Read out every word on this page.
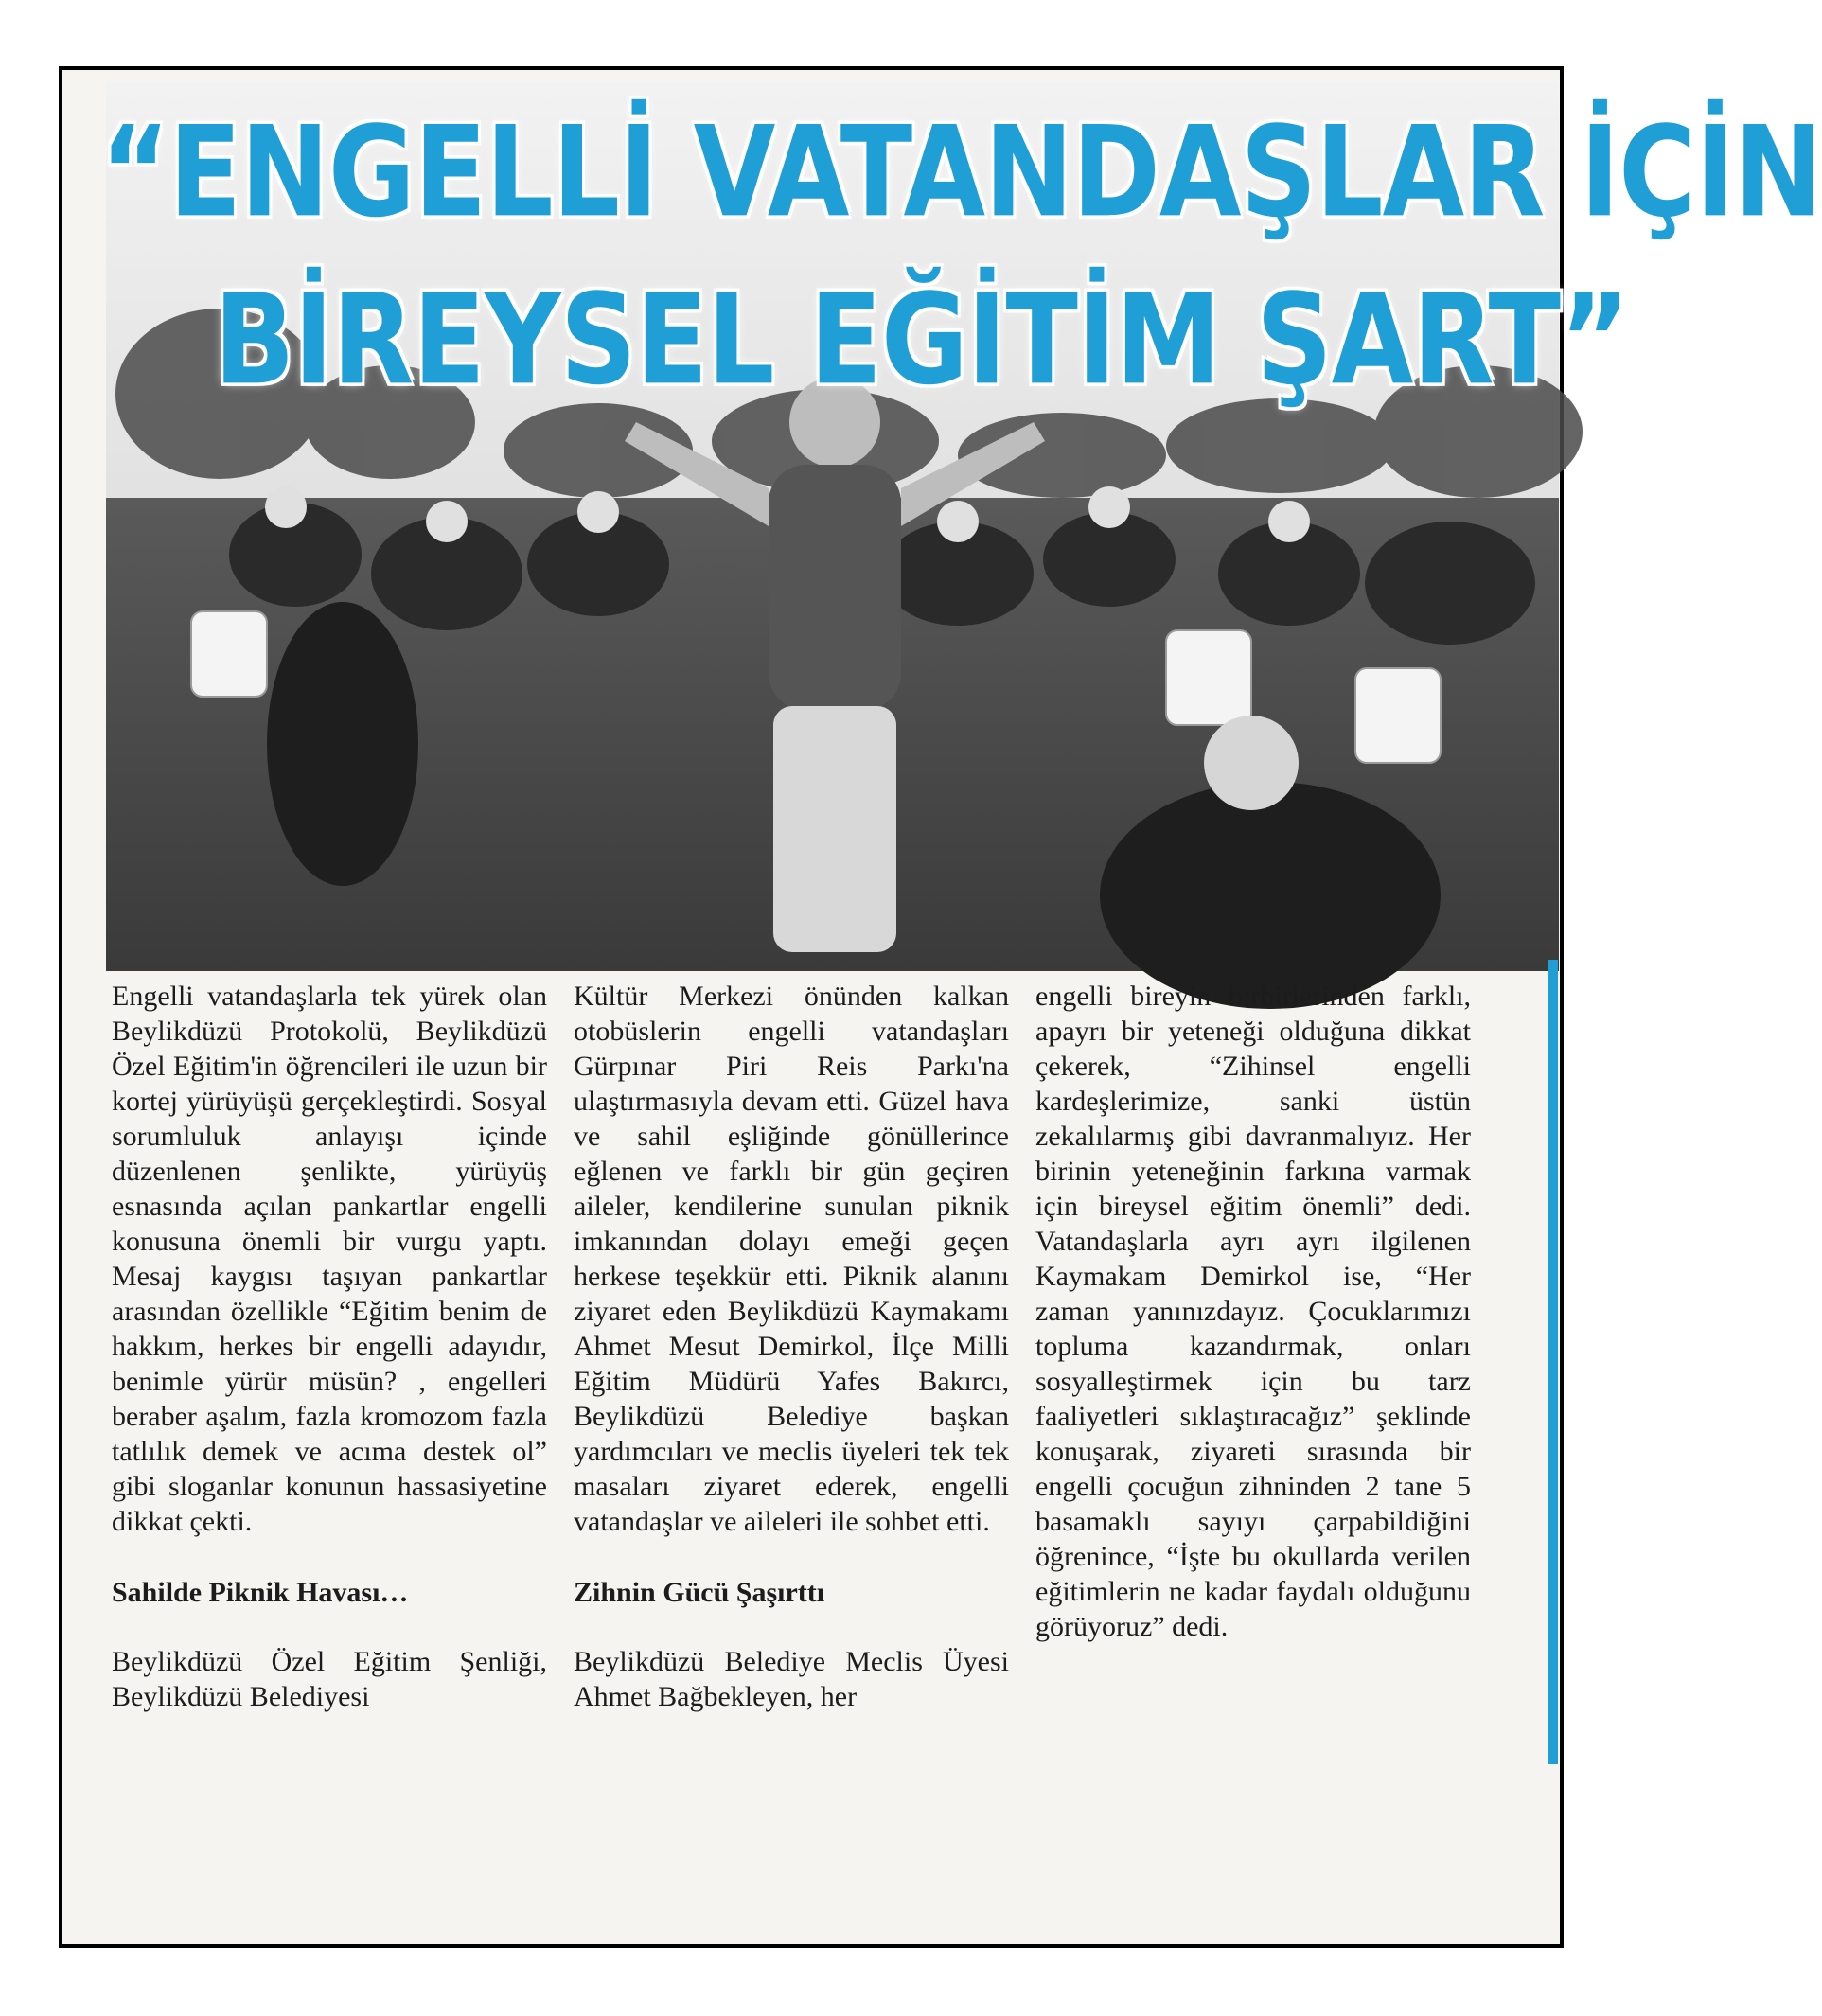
“ENGELLİ VATANDAŞLAR İÇİN
BİREYSEL EĞİTİM ŞART”

Engelli vatandaşlarla tek yürek olan Beylikdüzü Protokolü, Beylikdüzü Özel Eğitim'in öğrencileri ile uzun bir kortej yürüyüşü gerçekleştirdi. Sosyal sorumluluk anlayışı içinde düzenlenen şenlikte, yürüyüş esnasında açılan pankartlar engelli konusuna önemli bir vurgu yaptı. Mesaj kaygısı taşıyan pankartlar arasından özellikle “Eğitim benim de hakkım, herkes bir engelli adayıdır, benimle yürür müsün? , engelleri beraber aşalım, fazla kromozom fazla tatlılık demek ve acıma destek ol” gibi sloganlar konunun hassasiyetine dikkat çekti.

Sahilde Piknik Havası…

Beylikdüzü Özel Eğitim Şenliği, Beylikdüzü Belediyesi

Kültür Merkezi önünden kalkan otobüslerin engelli vatandaşları Gürpınar Piri Reis Parkı'na ulaştırmasıyla devam etti. Güzel hava ve sahil eşliğinde gönüllerince eğlenen ve farklı bir gün geçiren aileler, kendilerine sunulan piknik imkanından dolayı emeği geçen herkese teşekkür etti. Piknik alanını ziyaret eden Beylikdüzü Kaymakamı Ahmet Mesut Demirkol, İlçe Milli Eğitim Müdürü Yafes Bakırcı, Beylikdüzü Belediye başkan yardımcıları ve meclis üyeleri tek tek masaları ziyaret ederek, engelli vatandaşlar ve aileleri ile sohbet etti.

Zihnin Gücü Şaşırttı

Beylikdüzü Belediye Meclis Üyesi Ahmet Bağbekleyen, her

engelli bireyin birbirlerinden farklı, apayrı bir yeteneği olduğuna dikkat çekerek, “Zihinsel engelli kardeşlerimize, sanki üstün zekalılarmış gibi davranmalıyız. Her birinin yeteneğinin farkına varmak için bireysel eğitim önemli” dedi. Vatandaşlarla ayrı ayrı ilgilenen Kaymakam Demirkol ise, “Her zaman yanınızdayız. Çocuklarımızı topluma kazandırmak, onları sosyalleştirmek için bu tarz faaliyetleri sıklaştıracağız” şeklinde konuşarak, ziyareti sırasında bir engelli çocuğun zihninden 2 tane 5 basamaklı sayıyı çarpabildiğini öğrenince, “İşte bu okullarda verilen eğitimlerin ne kadar faydalı olduğunu görüyoruz” dedi.
